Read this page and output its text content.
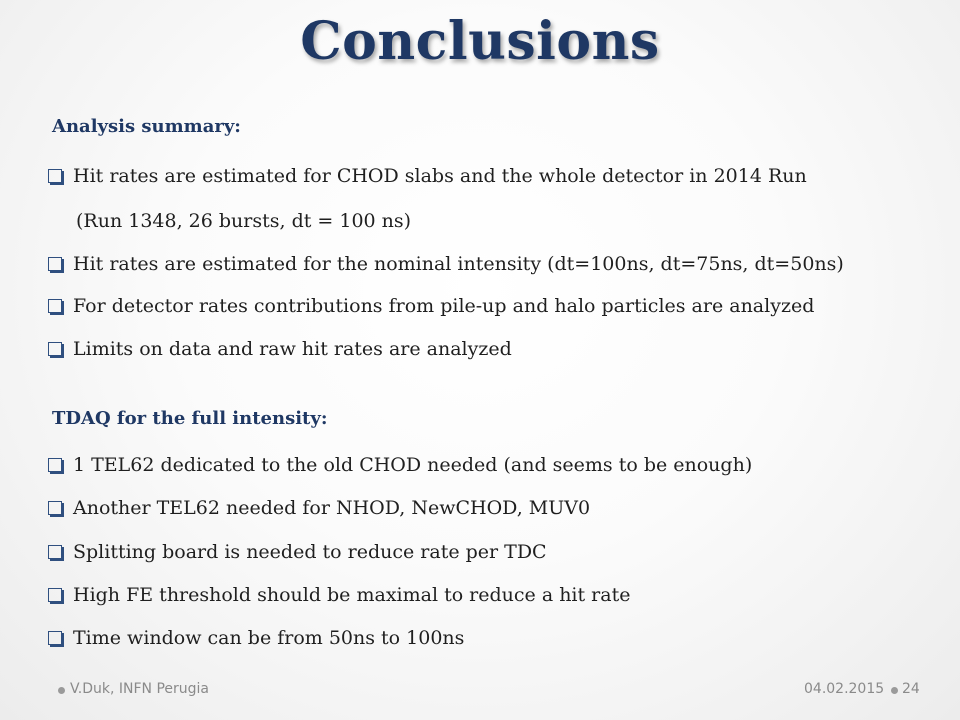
Conclusions
Analysis summary:
Hit rates are estimated for CHOD slabs and the whole detector in 2014 Run
(Run 1348, 26 bursts, dt = 100 ns)
Hit rates are estimated for the nominal intensity (dt=100ns, dt=75ns, dt=50ns)
For detector rates contributions from pile-up and halo particles are analyzed
Limits on data and raw hit rates are analyzed
TDAQ for the full intensity:
1 TEL62 dedicated to the old CHOD needed (and seems to be enough)
Another TEL62 needed for NHOD, NewCHOD, MUV0
Splitting board is needed to reduce rate per TDC
High FE threshold should be maximal to reduce a hit rate
Time window can be from 50ns to 100ns
V.Duk, INFN Perugia	04.02.2015 24
